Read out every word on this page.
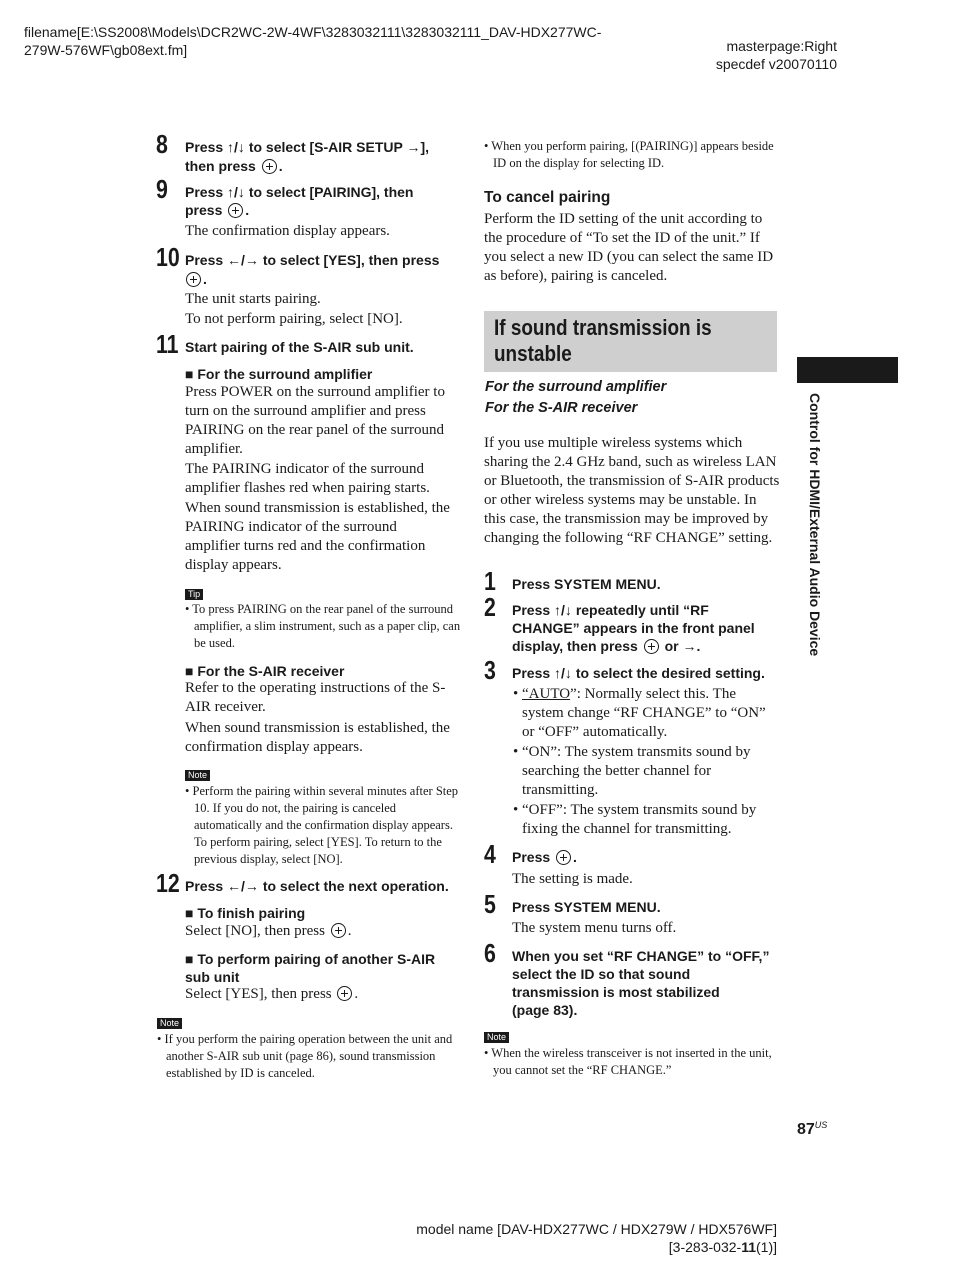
filename[E:\SS2008\Models\DCR2WC-2W-4WF\3283032111\3283032111_DAV-HDX277WC-
279W-576WF\gb08ext.fm]	masterpage:Right
specdef v20070110
8 Press ↑/↓ to select [S-AIR SETUP →],
then press .
9 Press ↑/↓ to select [PAIRING], then
press .
The confirmation display appears.
10 Press ←/→ to select [YES], then press
.
The unit starts pairing.
To not perform pairing, select [NO].
11 Start pairing of the S-AIR sub unit.
■ For the surround amplifier
Press POWER on the surround amplifier to turn on the surround amplifier and press PAIRING on the rear panel of the surround amplifier.
The PAIRING indicator of the surround amplifier flashes red when pairing starts.
When sound transmission is established, the PAIRING indicator of the surround amplifier turns red and the confirmation display appears.
Tip
• To press PAIRING on the rear panel of the surround amplifier, a slim instrument, such as a paper clip, can be used.
■ For the S-AIR receiver
Refer to the operating instructions of the S-AIR receiver.
When sound transmission is established, the confirmation display appears.
Note
• Perform the pairing within several minutes after Step 10. If you do not, the pairing is canceled automatically and the confirmation display appears. To perform pairing, select [YES]. To return to the previous display, select [NO].
12 Press ←/→ to select the next operation.
■ To finish pairing
Select [NO], then press .
■ To perform pairing of another S-AIR
sub unit
Select [YES], then press .
Note
• If you perform the pairing operation between the unit and another S-AIR sub unit (page 86), sound transmission established by ID is canceled.
• When you perform pairing, [(PAIRING)] appears beside ID on the display for selecting ID.
To cancel pairing
Perform the ID setting of the unit according to the procedure of “To set the ID of the unit.” If you select a new ID (you can select the same ID as before), pairing is canceled.
If sound transmission is
unstable
For the surround amplifier
For the S-AIR receiver
If you use multiple wireless systems which sharing the 2.4 GHz band, such as wireless LAN or Bluetooth, the transmission of S-AIR products or other wireless systems may be unstable. In this case, the transmission may be improved by changing the following “RF CHANGE” setting.
1 Press SYSTEM MENU.
2 Press ↑/↓ repeatedly until “RF
CHANGE” appears in the front panel
display, then press or →.
3 Press ↑/↓ to select the desired setting.
• “AUTO”: Normally select this. The system change “RF CHANGE” to “ON” or “OFF” automatically.
• “ON”: The system transmits sound by searching the better channel for transmitting.
• “OFF”: The system transmits sound by fixing the channel for transmitting.
4 Press .
The setting is made.
5 Press SYSTEM MENU.
The system menu turns off.
6 When you set “RF CHANGE” to “OFF,”
select the ID so that sound
transmission is most stabilized
(page 83).
Note
• When the wireless transceiver is not inserted in the unit, you cannot set the “RF CHANGE.”
Control for HDMI/External Audio Device
$87^{US}$
model name [DAV-HDX277WC / HDX279W / HDX576WF]
[3-283-032-11(1)]
